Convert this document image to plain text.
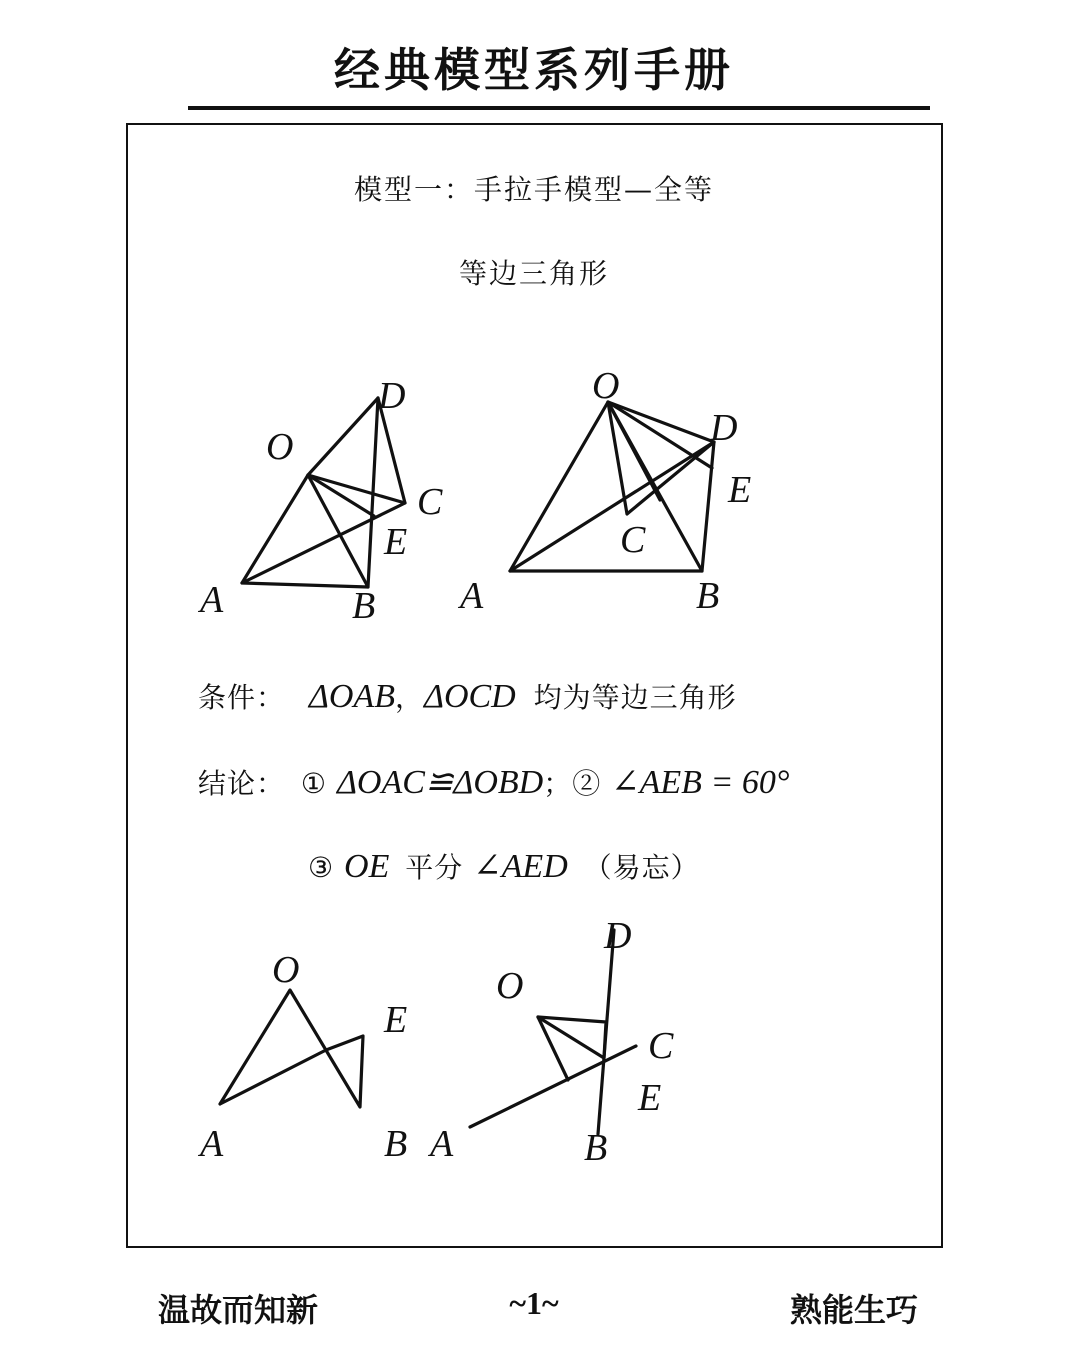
经典模型系列手册
模型一：手拉手模型—全等
等边三角形
D
O
C
E
A	B
O
D
E
C
A	B
条件： ΔOAB，ΔOCD 均为等边三角形
结论： ① ΔOAC≌ΔOBD；② ∠AEB = 60°
③ OE 平分 ∠AED （易忘）
O
E
A	B
D
O
C
E
A	B
温故而知新	~1~	熟能生巧
